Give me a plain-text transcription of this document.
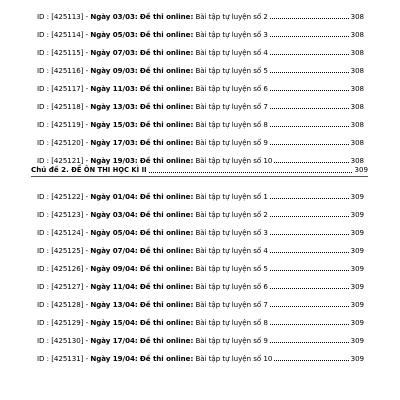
ID : [425113] - Ngày 03/03:
Đề thi online:
Bài tập tự luyện số 2	308
ID : [425114] - Ngày 05/03:
Đề thi online:
Bài tập tự luyện số 3	308
ID : [425115] - Ngày 07/03:
Đề thi online:
Bài tập tự luyện số 4	308
ID : [425116] - Ngày 09/03:
Đề thi online:
Bài tập tự luyện số 5	308
ID : [425117] - Ngày 11/03:
Đề thi online:
Bài tập tự luyện số 6	308
ID : [425118] - Ngày 13/03:
Đề thi online:
Bài tập tự luyện số 7	308
ID : [425119] - Ngày 15/03:
Đề thi online:
Bài tập tự luyện số 8	308
ID : [425120] - Ngày 17/03:
Đề thi online:
Bài tập tự luyện số 9	308
ID : [425121] - Ngày 19/03:
Đề thi online:
Bài tập tự luyện số 10	308
Chủ đề 2.
ĐỀ ÔN THI HỌC KÌ II	309
ID : [425122] - Ngày 01/04:
Đề thi online:
Bài tập tự luyện số 1	309
ID : [425123] - Ngày 03/04:
Đề thi online:
Bài tập tự luyện số 2	309
ID : [425124] - Ngày 05/04:
Đề thi online:
Bài tập tự luyện số 3	309
ID : [425125] - Ngày 07/04:
Đề thi online:
Bài tập tự luyện số 4	309
ID : [425126] - Ngày 09/04:
Đề thi online:
Bài tập tự luyện số 5	309
ID : [425127] - Ngày 11/04:
Đề thi online:
Bài tập tự luyện số 6	309
ID : [425128] - Ngày 13/04:
Đề thi online:
Bài tập tự luyện số 7	309
ID : [425129] - Ngày 15/04:
Đề thi online:
Bài tập tự luyện số 8	309
ID : [425130] - Ngày 17/04:
Đề thi online:
Bài tập tự luyện số 9	309
ID : [425131] - Ngày 19/04:
Đề thi online:
Bài tập tự luyện số 10	309
